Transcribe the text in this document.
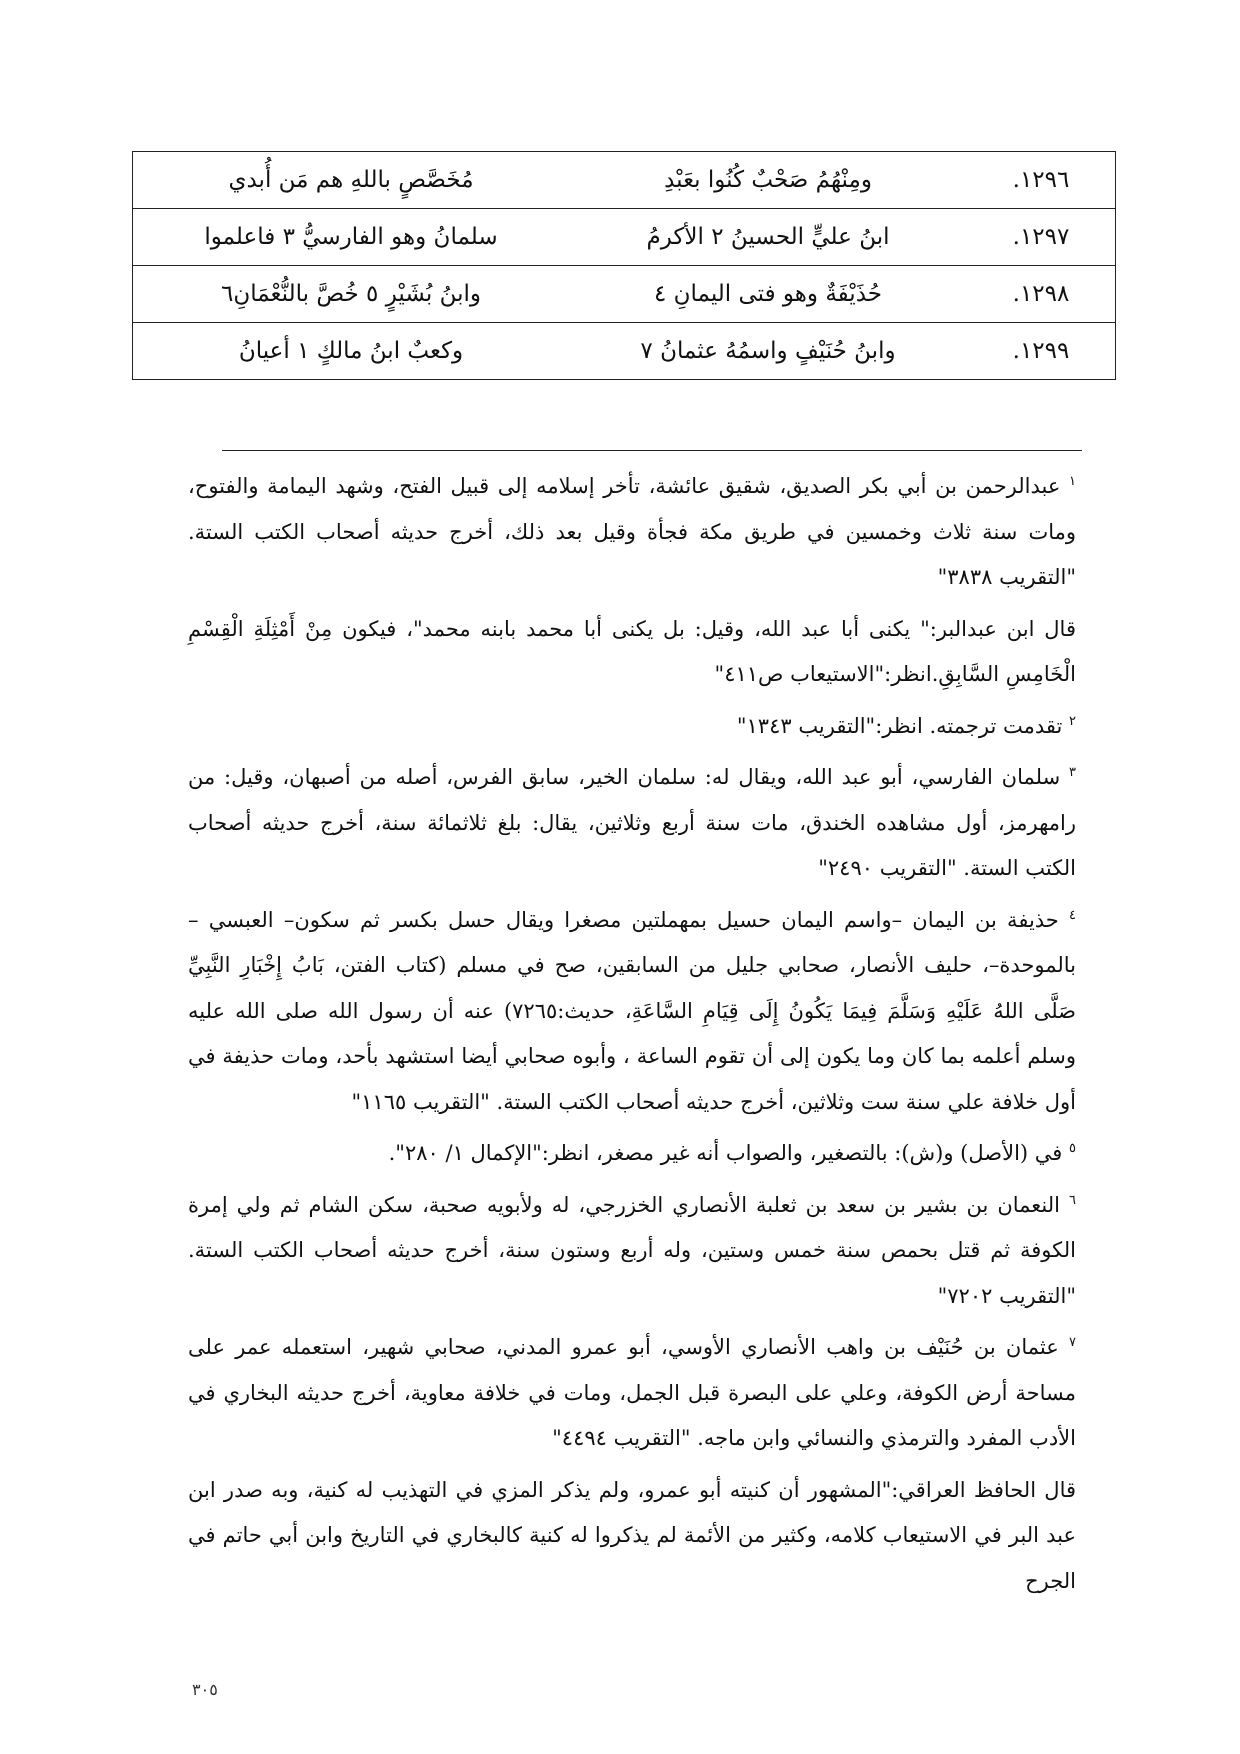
١٢٩٦.	ومِنْهُمُ صَحْبٌ كُنُوا بعَبْدِ	مُخَصَّصٍ باللهِ هم مَن أُبدي
١٢٩٧.	ابنُ عليٍّ الحسينُ ٢ الأكرمُ	سلمانُ وهو الفارسيُّ ٣ فاعلموا
١٢٩٨.	حُذَيْفَةٌ وهو فتى اليمانِ ٤	وابنُ بُشَيْرٍ ٥ خُصَّ بالنُّعْمَانِ٦
١٢٩٩.	وابنُ حُنَيْفٍ واسمُهُ عثمانُ ٧	وكعبٌ ابنُ مالكٍ ١ أعيانُ

$^١$ عبدالرحمن بن أبي بكر الصديق، شقيق عائشة، تأخر إسلامه إلى قبيل الفتح، وشهد اليمامة والفتوح، ومات سنة ثلاث وخمسين في طريق مكة فجأة وقيل بعد ذلك، أخرج حديثه أصحاب الكتب الستة. "التقريب ٣٨٣٨"

قال ابن عبدالبر:" يكنى أبا عبد الله، وقيل: بل يكنى أبا محمد بابنه محمد"، فيكون مِنْ أَمْثِلَةِ الْقِسْمِ الْخَامِسِ السَّابِقِ.انظر:"الاستيعاب ص٤١١"

$^٢$ تقدمت ترجمته. انظر:"التقريب ١٣٤٣"

$^٣$ سلمان الفارسي، أبو عبد الله، ويقال له: سلمان الخير، سابق الفرس، أصله من أصبهان، وقيل: من رامهرمز، أول مشاهده الخندق، مات سنة أربع وثلاثين، يقال: بلغ ثلاثمائة سنة، أخرج حديثه أصحاب الكتب الستة. "التقريب ٢٤٩٠"

$^٤$ حذيفة بن اليمان –واسم اليمان حسيل بمهملتين مصغرا ويقال حسل بكسر ثم سكون– العبسي – بالموحدة–، حليف الأنصار، صحابي جليل من السابقين، صح في مسلم (كتاب الفتن، بَابُ إِخْبَارِ النَّبِيِّ صَلَّى اللهُ عَلَيْهِ وَسَلَّمَ فِيمَا يَكُونُ إِلَى قِيَامِ السَّاعَةِ، حديث:٧٢٦٥) عنه أن رسول الله صلى الله عليه وسلم أعلمه بما كان وما يكون إلى أن تقوم الساعة ، وأبوه صحابي أيضا استشهد بأحد، ومات حذيفة في أول خلافة علي سنة ست وثلاثين، أخرج حديثه أصحاب الكتب الستة. "التقريب ١١٦٥"

$^٥$ في (الأصل) و(ش): بالتصغير، والصواب أنه غير مصغر، انظر:"الإكمال ١/ ٢٨٠".

$^٦$ النعمان بن بشير بن سعد بن ثعلبة الأنصاري الخزرجي، له ولأبويه صحبة، سكن الشام ثم ولي إمرة الكوفة ثم قتل بحمص سنة خمس وستين، وله أربع وستون سنة، أخرج حديثه أصحاب الكتب الستة. "التقريب ٧٢٠٢"

$^٧$ عثمان بن حُنَيْف بن واهب الأنصاري الأوسي، أبو عمرو المدني، صحابي شهير، استعمله عمر على مساحة أرض الكوفة، وعلي على البصرة قبل الجمل، ومات في خلافة معاوية، أخرج حديثه البخاري في الأدب المفرد والترمذي والنسائي وابن ماجه. "التقريب ٤٤٩٤"

قال الحافظ العراقي:"المشهور أن كنيته أبو عمرو، ولم يذكر المزي في التهذيب له كنية، وبه صدر ابن عبد البر في الاستيعاب كلامه، وكثير من الأئمة لم يذكروا له كنية كالبخاري في التاريخ وابن أبي حاتم في الجرح

٣٠٥
